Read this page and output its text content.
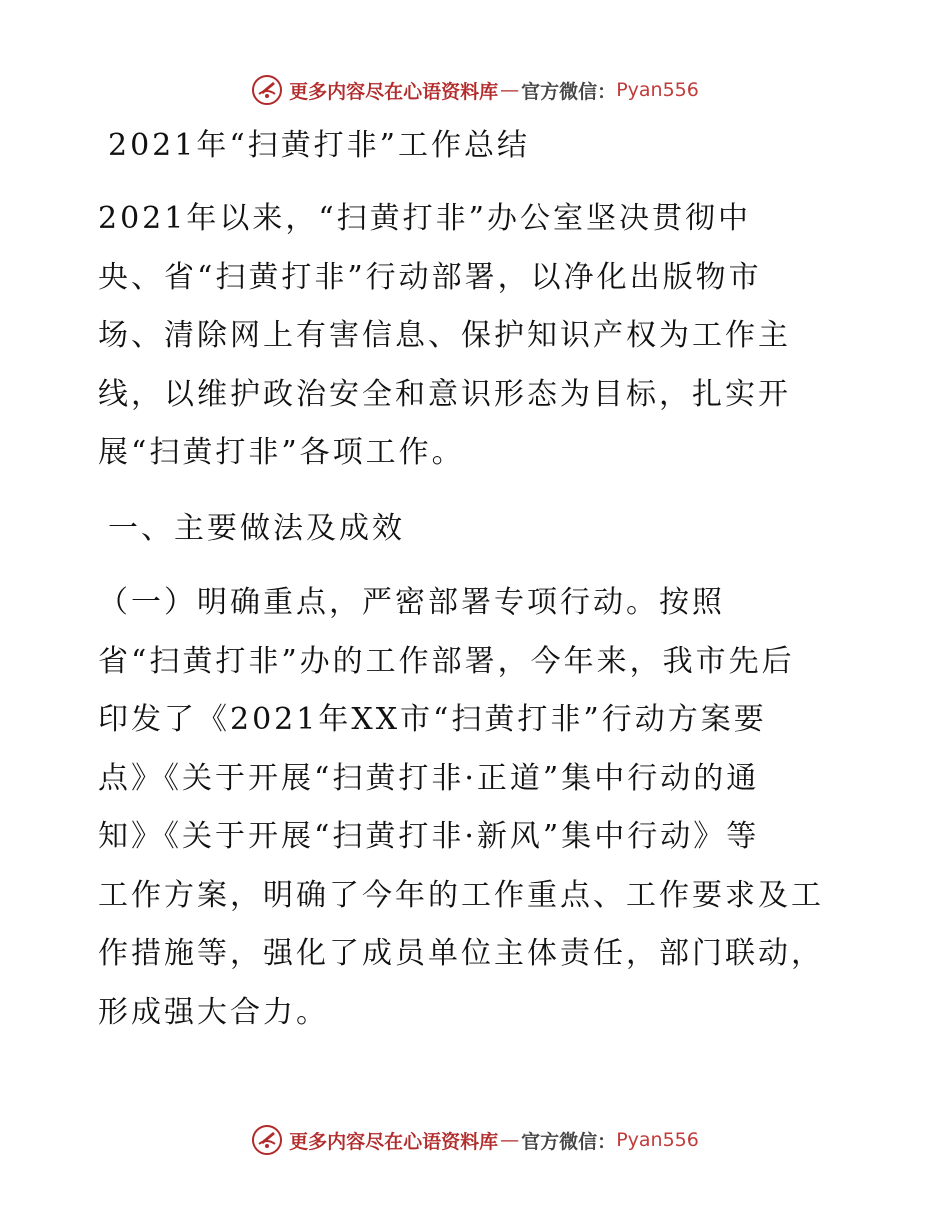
更多内容尽在心语资料库 — 官方微信： Pyan556
2021年“扫黄打非”工作总结
2021年以来，“扫黄打非”办公室坚决贯彻中
央、省“扫黄打非”行动部署，以净化出版物市
场、清除网上有害信息、保护知识产权为工作主
线，以维护政治安全和意识形态为目标，扎实开
展“扫黄打非”各项工作。
一、主要做法及成效
（一）明确重点，严密部署专项行动。按照
省“扫黄打非”办的工作部署，今年来，我市先后
印发了《2021年XX市“扫黄打非”行动方案要
点》《关于开展“扫黄打非·正道”集中行动的通
知》《关于开展“扫黄打非·新风”集中行动》等
工作方案，明确了今年的工作重点、工作要求及工
作措施等，强化了成员单位主体责任，部门联动，
形成强大合力。
更多内容尽在心语资料库 — 官方微信： Pyan556
